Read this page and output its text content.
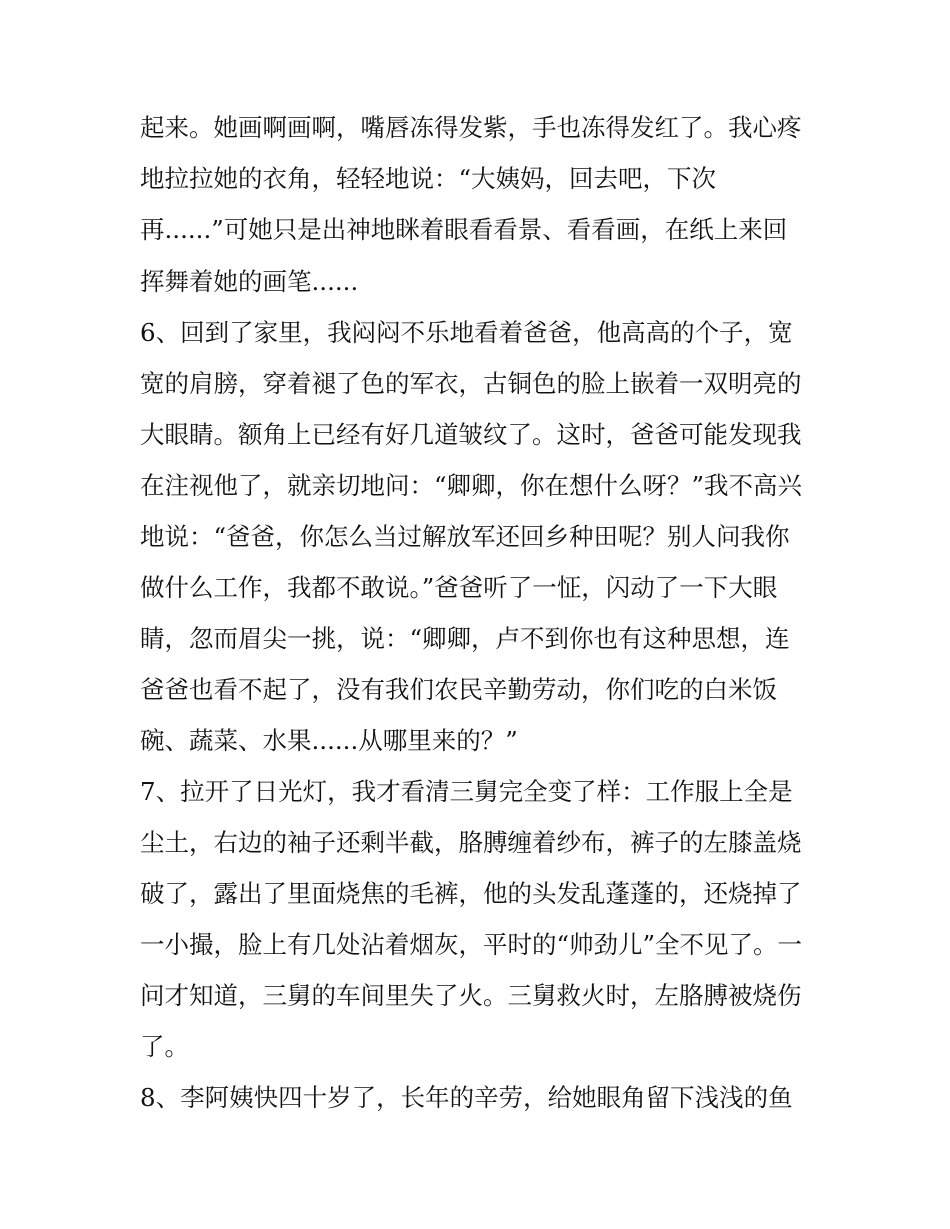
起来。她画啊画啊，嘴唇冻得发紫，手也冻得发红了。我心疼
地拉拉她的衣角，轻轻地说：“大姨妈，回去吧，下次
再......”可她只是出神地眯着眼看看景、看看画，在纸上来回
挥舞着她的画笔......
6、回到了家里，我闷闷不乐地看着爸爸，他高高的个子，宽
宽的肩膀，穿着褪了色的军衣，古铜色的脸上嵌着一双明亮的
大眼睛。额角上已经有好几道皱纹了。这时，爸爸可能发现我
在注视他了，就亲切地问：“卿卿，你在想什么呀？”我不高兴
地说：“爸爸，你怎么当过解放军还回乡种田呢？别人问我你
做什么工作，我都不敢说。”爸爸听了一怔，闪动了一下大眼
睛，忽而眉尖一挑，说：“卿卿，卢不到你也有这种思想，连
爸爸也看不起了，没有我们农民辛勤劳动，你们吃的白米饭
碗、蔬菜、水果......从哪里来的？”
7、拉开了日光灯，我才看清三舅完全变了样：工作服上全是
尘土，右边的袖子还剩半截，胳膊缠着纱布，裤子的左膝盖烧
破了，露出了里面烧焦的毛裤，他的头发乱蓬蓬的，还烧掉了
一小撮，脸上有几处沾着烟灰，平时的“帅劲儿”全不见了。一
问才知道，三舅的车间里失了火。三舅救火时，左胳膊被烧伤
了。
8、李阿姨快四十岁了，长年的辛劳，给她眼角留下浅浅的鱼
